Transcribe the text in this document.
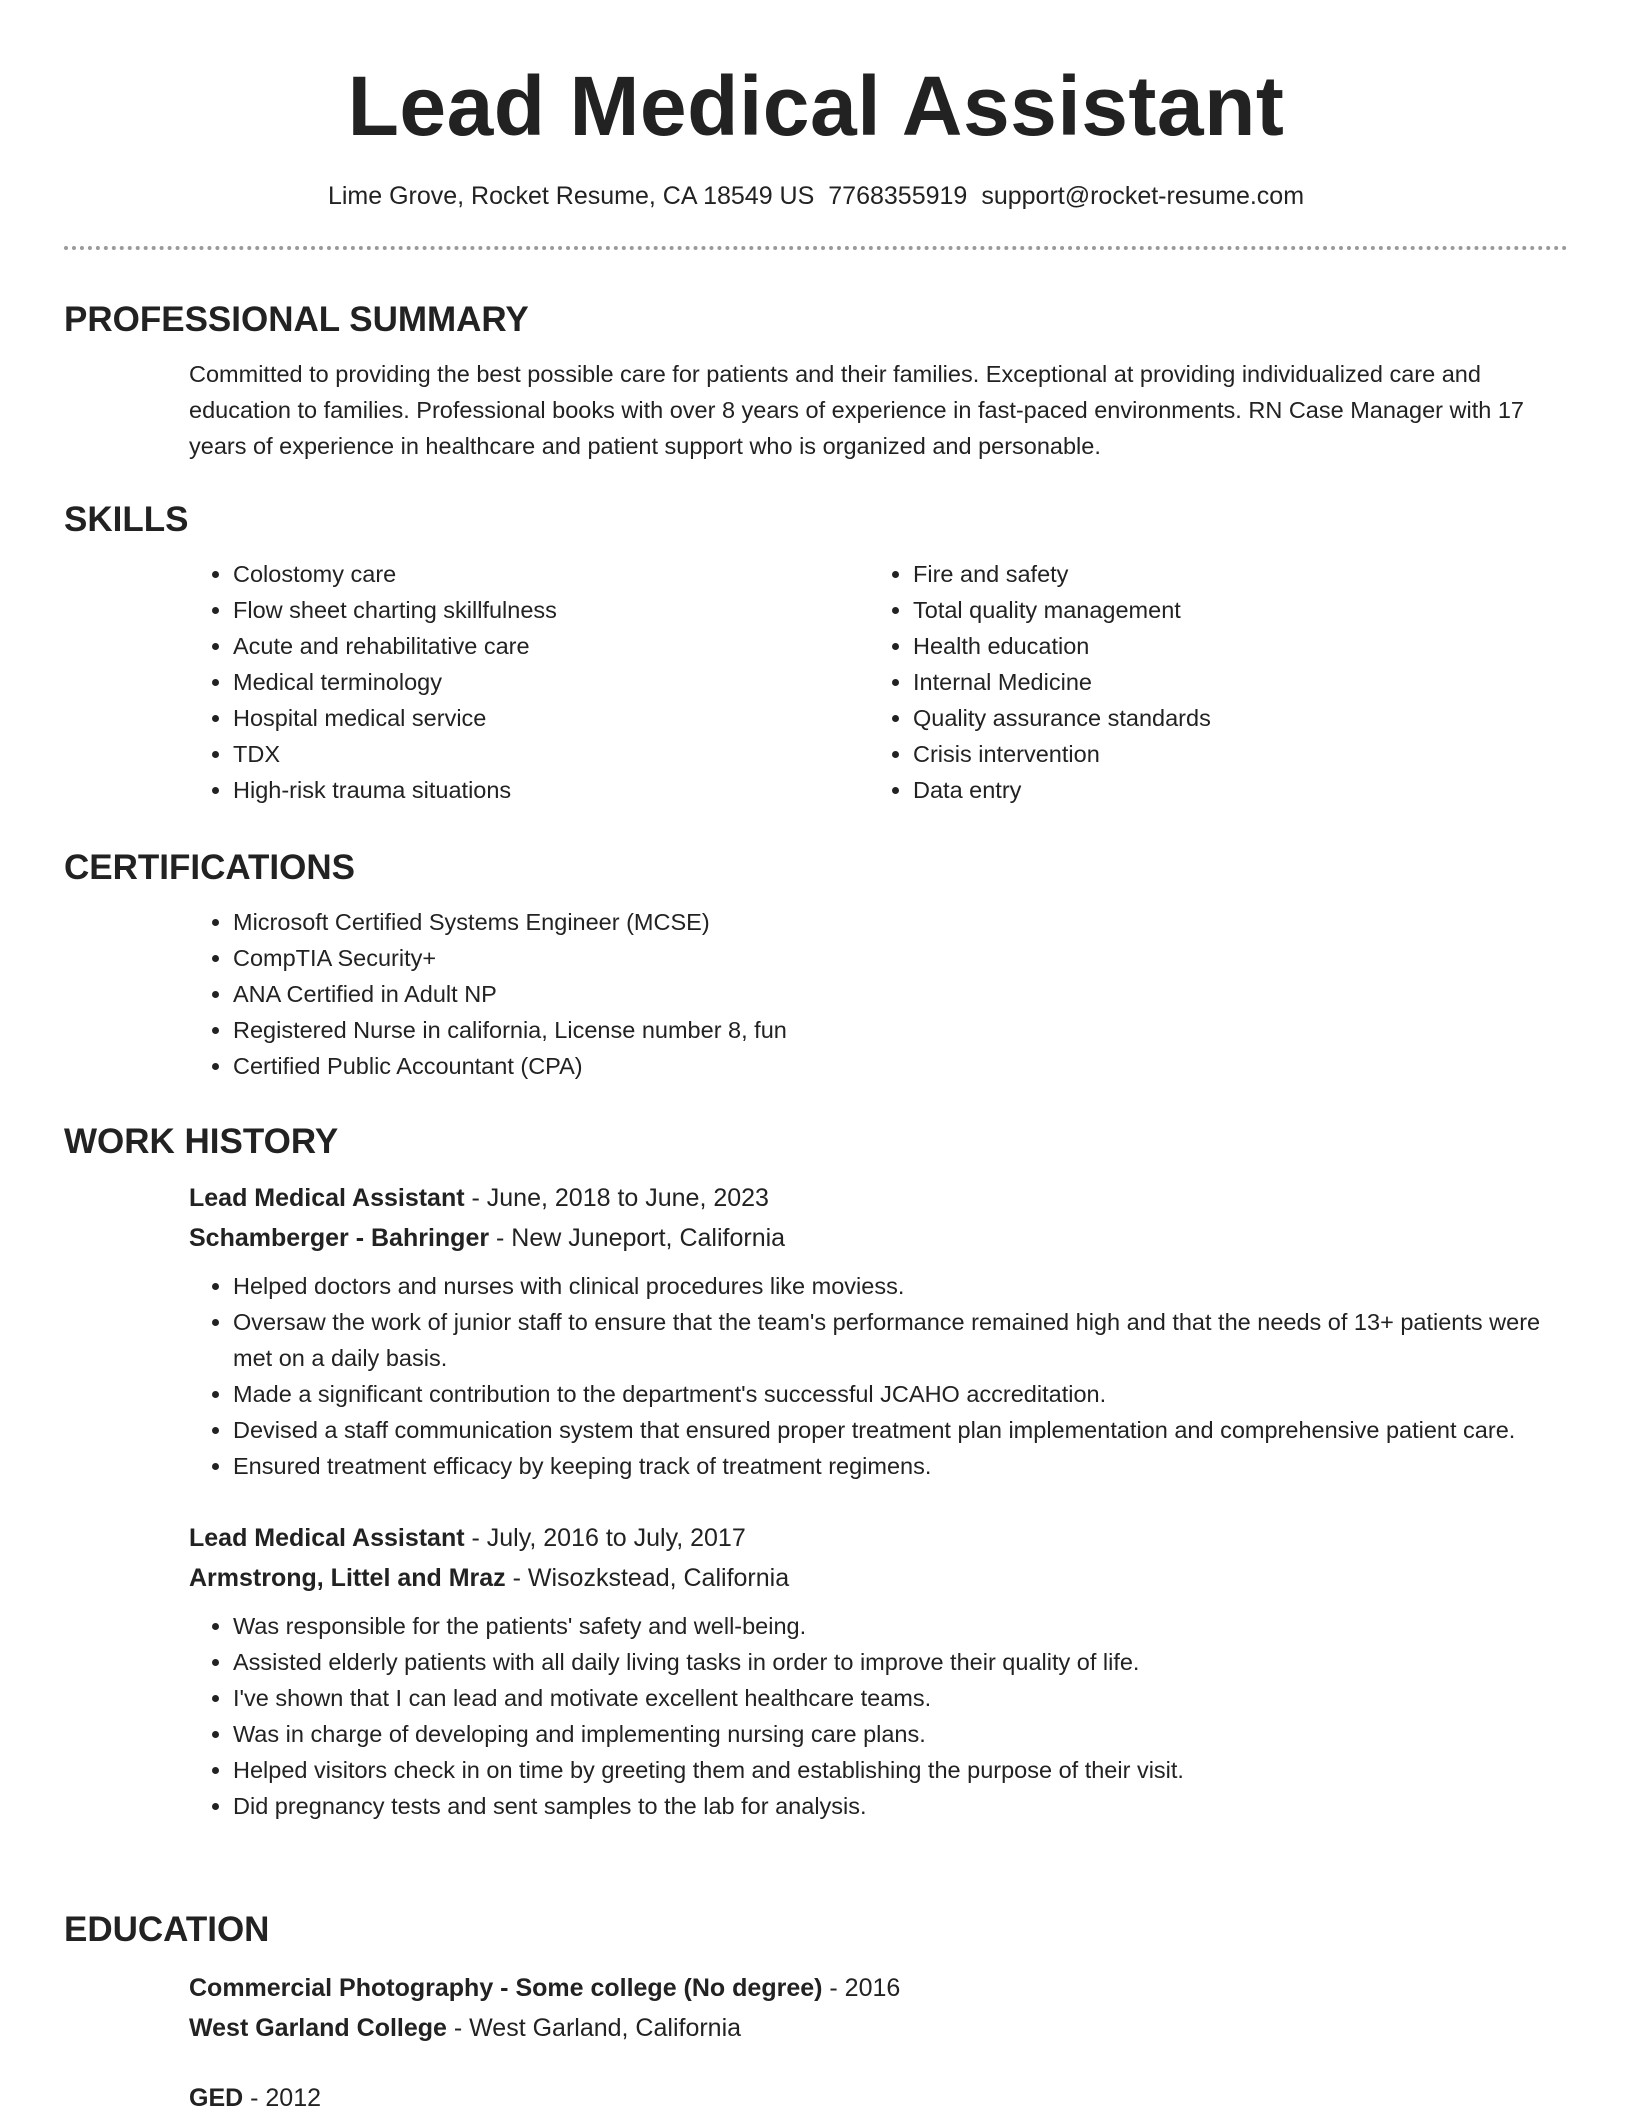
Lead Medical Assistant
Lime Grove, Rocket Resume, CA 18549 US 7768355919 support@rocket-resume.com
PROFESSIONAL SUMMARY

Committed to providing the best possible care for patients and their families. Exceptional at providing individualized care and education to families. Professional books with over 8 years of experience in fast-paced environments. RN Case Manager with 17 years of experience in healthcare and patient support who is organized and personable.

SKILLS
• Colostomy care
• Flow sheet charting skillfulness
• Acute and rehabilitative care
• Medical terminology
• Hospital medical service
• TDX
• High-risk trauma situations
• Fire and safety
• Total quality management
• Health education
• Internal Medicine
• Quality assurance standards
• Crisis intervention
• Data entry
CERTIFICATIONS
• Microsoft Certified Systems Engineer (MCSE)
• CompTIA Security+
• ANA Certified in Adult NP
• Registered Nurse in california, License number 8, fun
• Certified Public Accountant (CPA)
WORK HISTORY

Lead Medical Assistant - June, 2018 to June, 2023

Schamberger - Bahringer - New Juneport, California

• Helped doctors and nurses with clinical procedures like moviess.
• Oversaw the work of junior staff to ensure that the team's performance remained high and that the needs of 13+ patients were met on a daily basis.
• Made a significant contribution to the department's successful JCAHO accreditation.
• Devised a staff communication system that ensured proper treatment plan implementation and comprehensive patient care.
• Ensured treatment efficacy by keeping track of treatment regimens.

Lead Medical Assistant - July, 2016 to July, 2017

Armstrong, Littel and Mraz - Wisozkstead, California

• Was responsible for the patients' safety and well-being.
• Assisted elderly patients with all daily living tasks in order to improve their quality of life.
• I've shown that I can lead and motivate excellent healthcare teams.
• Was in charge of developing and implementing nursing care plans.
• Helped visitors check in on time by greeting them and establishing the purpose of their visit.
• Did pregnancy tests and sent samples to the lab for analysis.
EDUCATION

Commercial Photography - Some college (No degree) - 2016

West Garland College - West Garland, California

GED - 2012
